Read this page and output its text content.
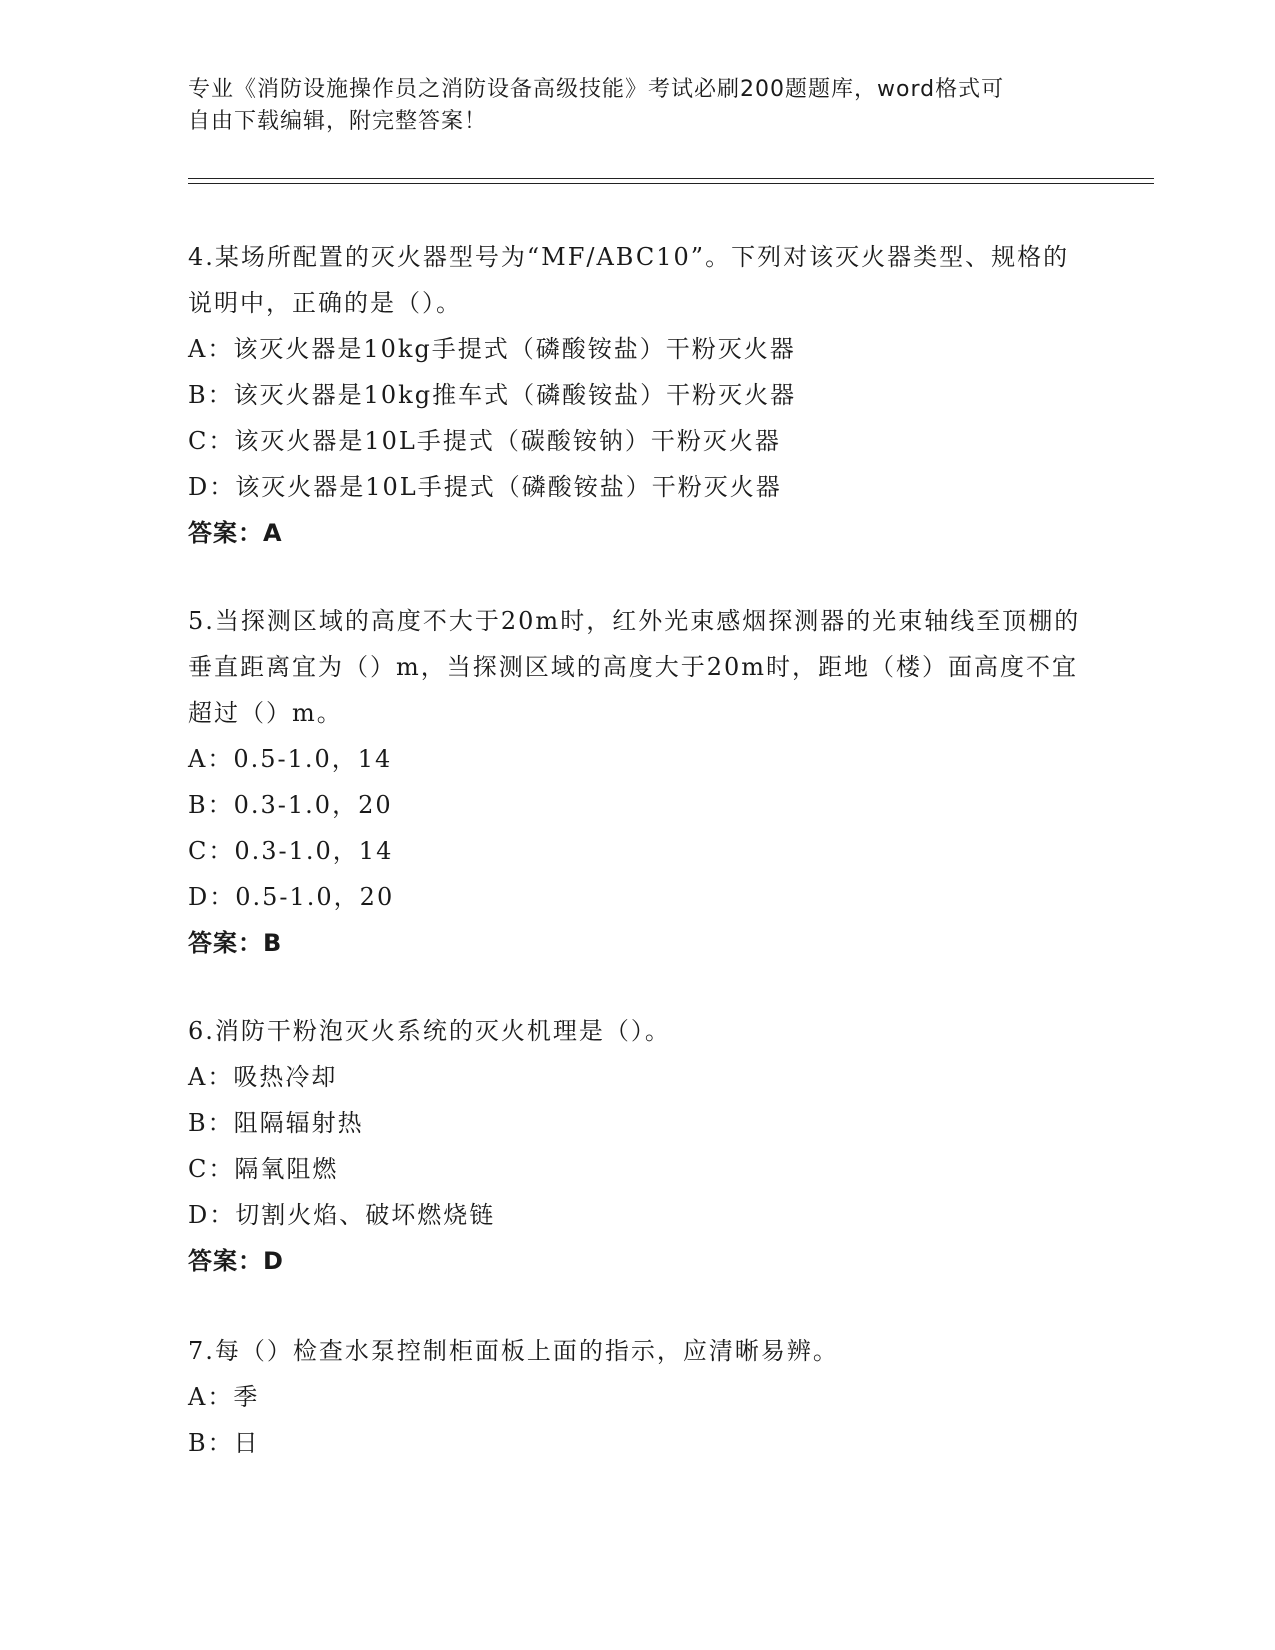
专业《消防设施操作员之消防设备高级技能》考试必刷200题题库，word格式可
自由下载编辑，附完整答案！
4.某场所配置的灭火器型号为“MF/ABC10”。下列对该灭火器类型、规格的说明中，正确的是（）。
A：该灭火器是10kg手提式（磷酸铵盐）干粉灭火器
B：该灭火器是10kg推车式（磷酸铵盐）干粉灭火器
C：该灭火器是10L手提式（碳酸铵钠）干粉灭火器
D：该灭火器是10L手提式（磷酸铵盐）干粉灭火器
答案：A
5.当探测区域的高度不大于20m时，红外光束感烟探测器的光束轴线至顶棚的垂直距离宜为（）m，当探测区域的高度大于20m时，距地（楼）面高度不宜超过（）m。
A：0.5-1.0，14
B：0.3-1.0，20
C：0.3-1.0，14
D：0.5-1.0，20
答案：B
6.消防干粉泡灭火系统的灭火机理是（）。
A：吸热冷却
B：阻隔辐射热
C：隔氧阻燃
D：切割火焰、破坏燃烧链
答案：D
7.每（）检查水泵控制柜面板上面的指示，应清晰易辨。
A：季
B：日
